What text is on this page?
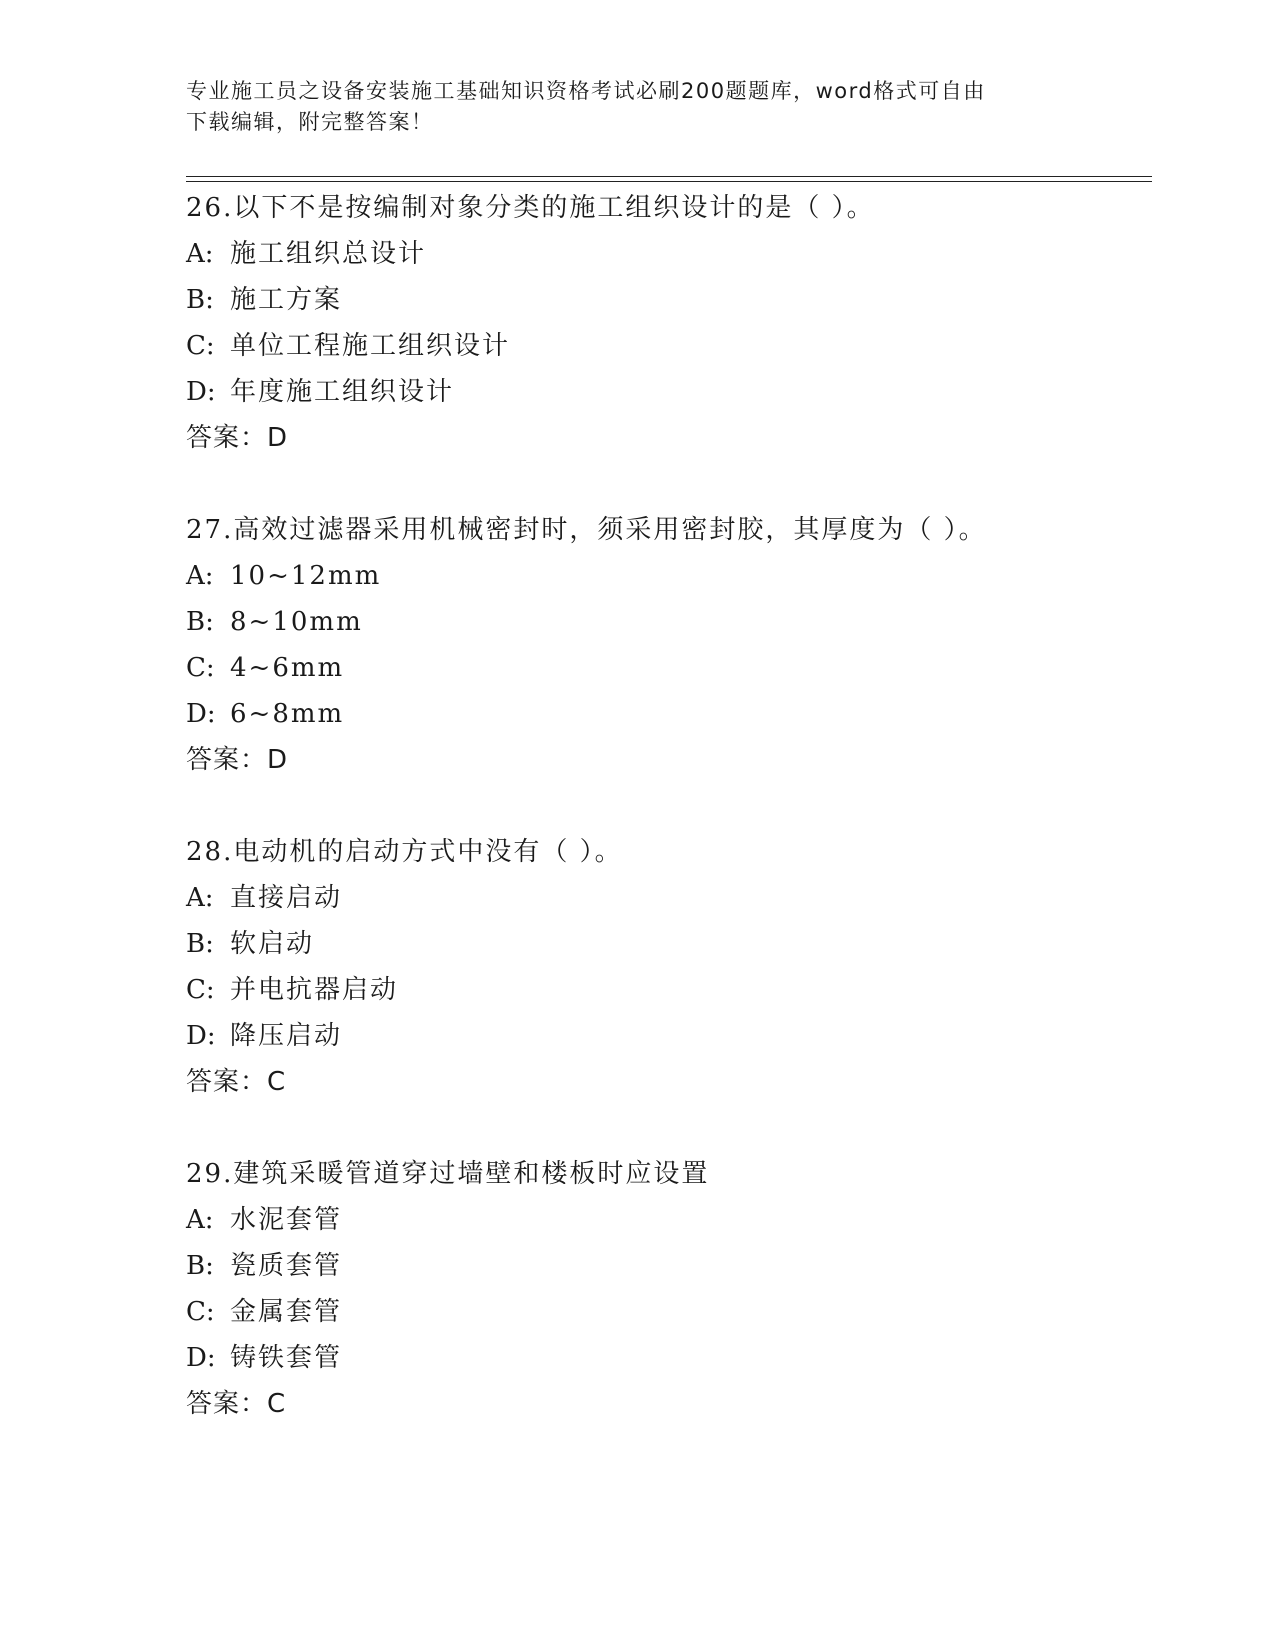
专业施工员之设备安装施工基础知识资格考试必刷200题题库，word格式可自由
下载编辑，附完整答案！
26.以下不是按编制对象分类的施工组织设计的是（ ）。
A: 施工组织总设计
B: 施工方案
C: 单位工程施工组织设计
D: 年度施工组织设计
答案：D
27.高效过滤器采用机械密封时，须采用密封胶，其厚度为（ ）。
A: 10~12mm
B: 8~10mm
C: 4~6mm
D: 6~8mm
答案：D
28.电动机的启动方式中没有（ ）。
A: 直接启动
B: 软启动
C: 并电抗器启动
D: 降压启动
答案：C
29.建筑采暖管道穿过墙壁和楼板时应设置
A: 水泥套管
B: 瓷质套管
C: 金属套管
D: 铸铁套管
答案：C
